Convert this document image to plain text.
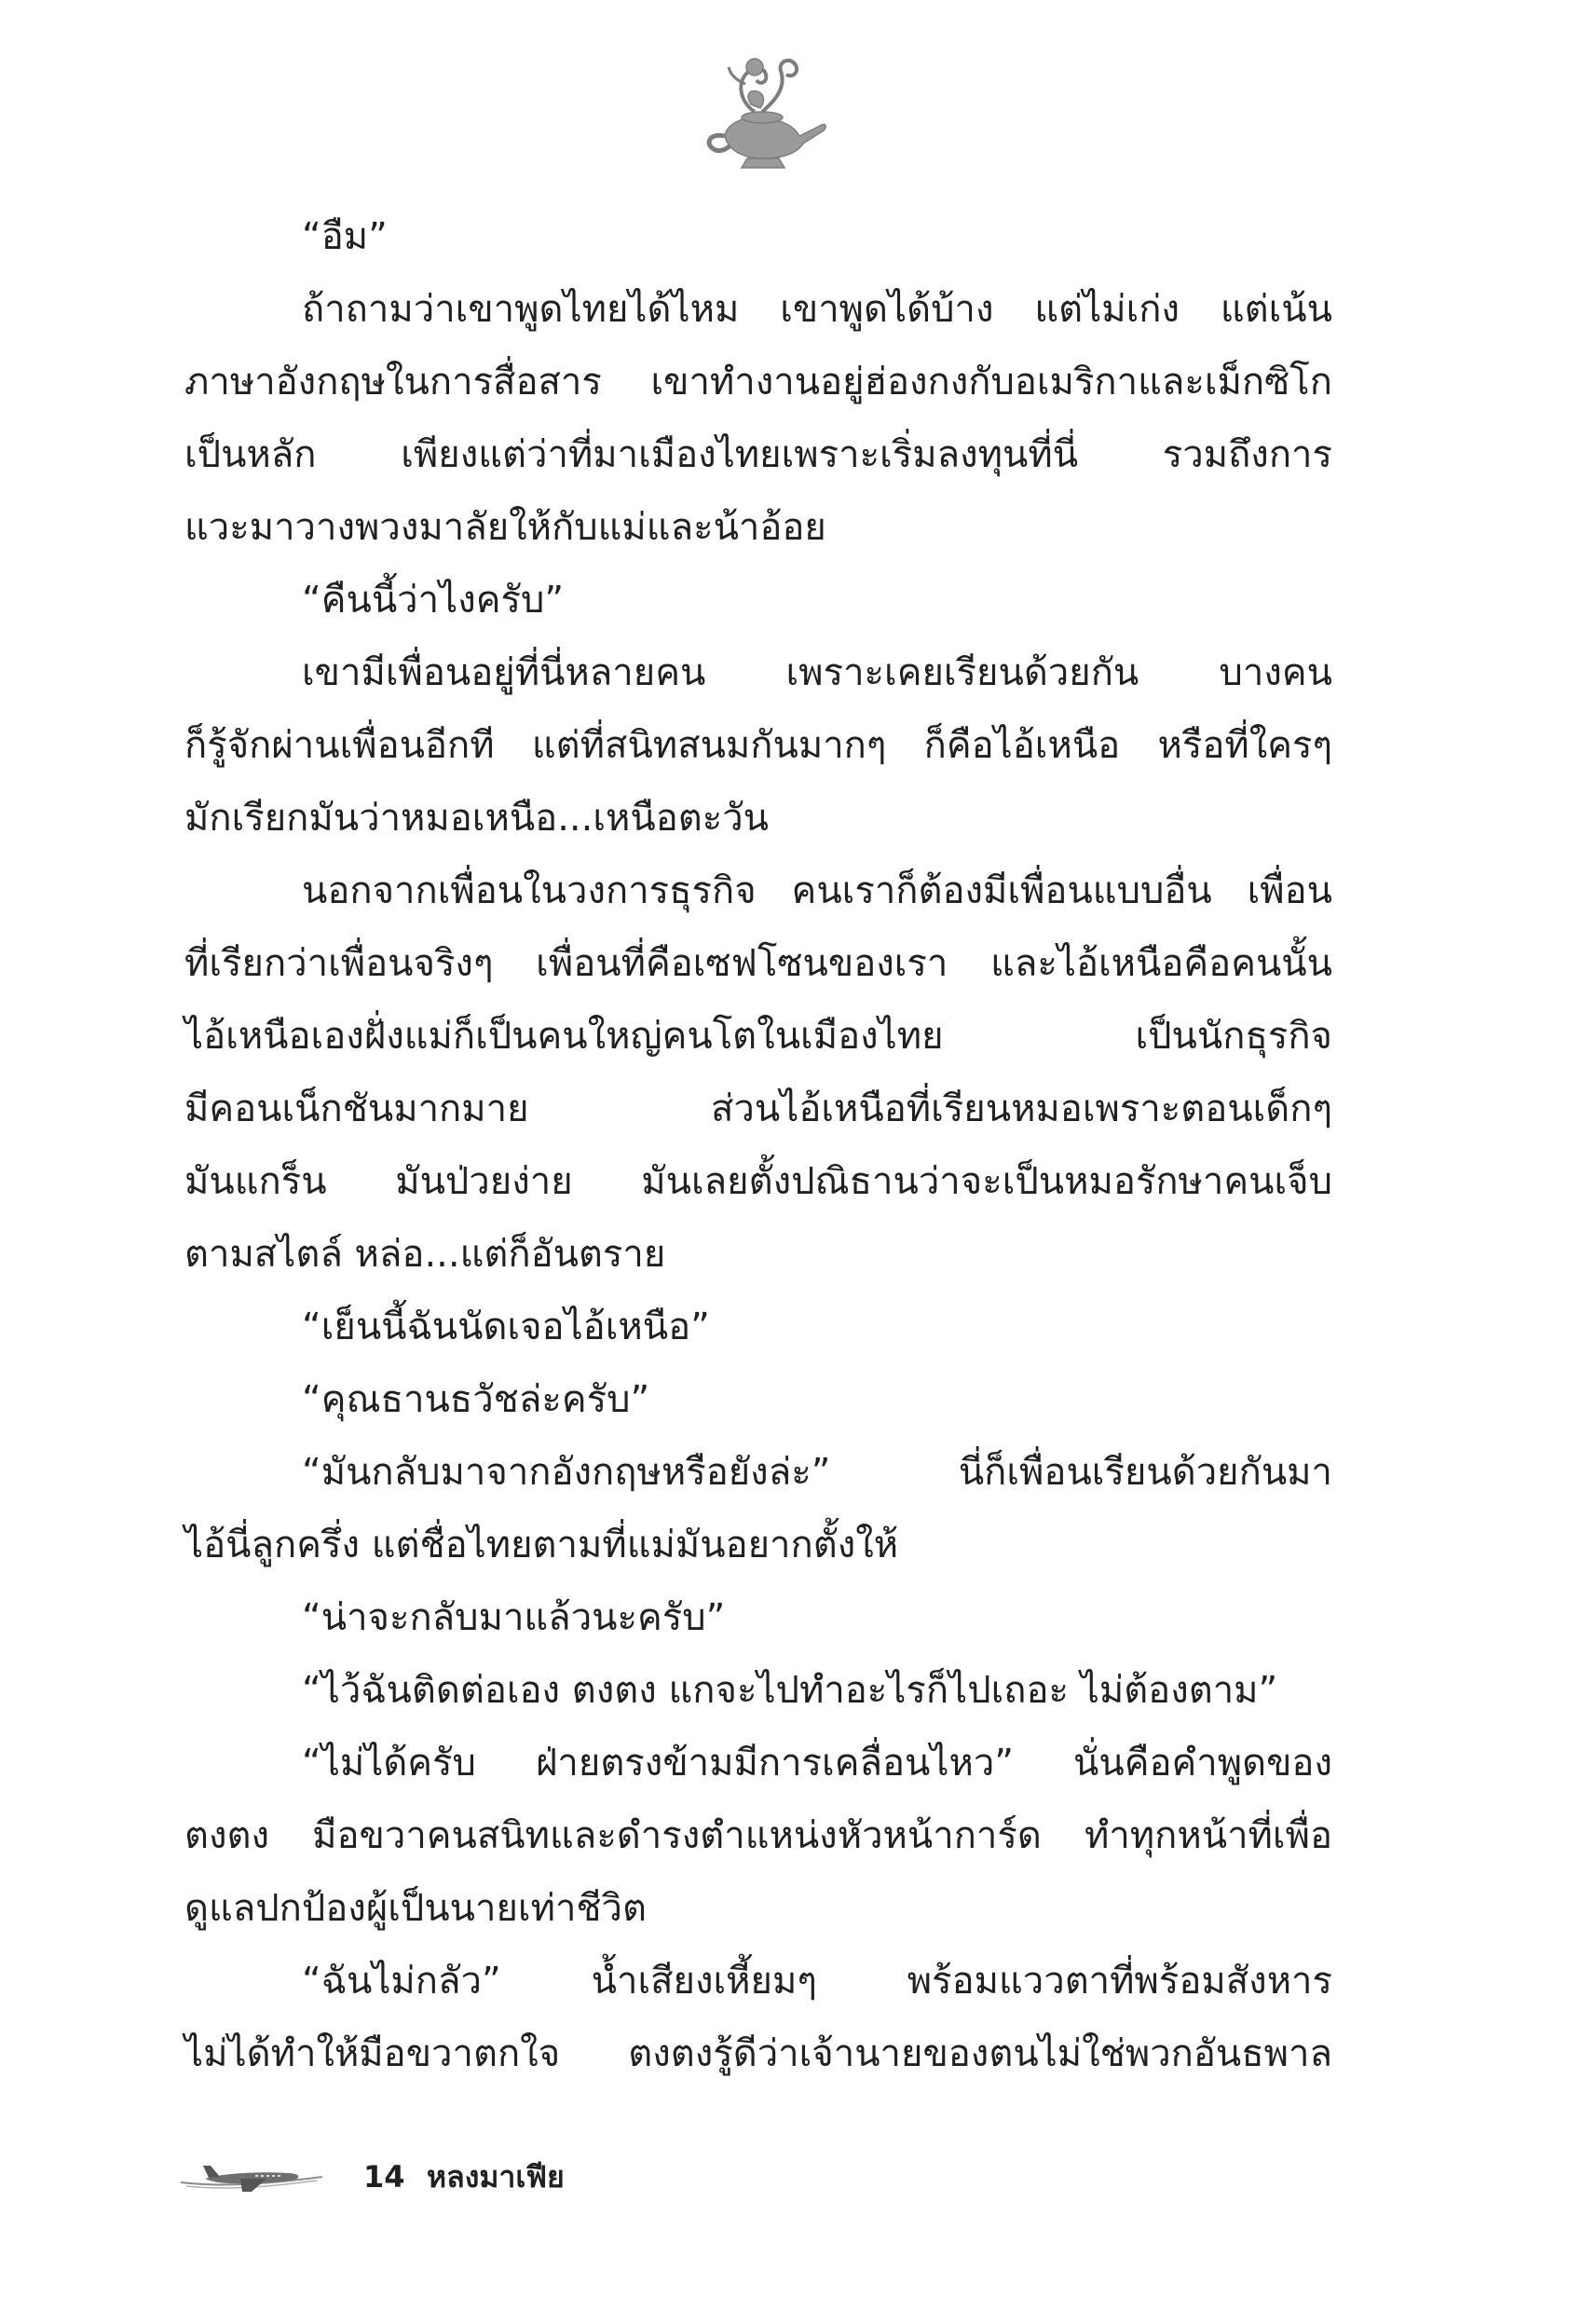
“อืม”
ถ้าถามว่าเขาพูดไทยได้ไหม เขาพูดได้บ้าง แต่ไม่เก่ง แต่เน้น
ภาษาอังกฤษในการสื่อสาร เขาทำงานอยู่ฮ่องกงกับอเมริกาและเม็กซิโก
เป็นหลัก เพียงแต่ว่าที่มาเมืองไทยเพราะเริ่มลงทุนที่นี่ รวมถึงการ
แวะมาวางพวงมาลัยให้กับแม่และน้าอ้อย
“คืนนี้ว่าไงครับ”
เขามีเพื่อนอยู่ที่นี่หลายคน เพราะเคยเรียนด้วยกัน บางคน
ก็รู้จักผ่านเพื่อนอีกที แต่ที่สนิทสนมกันมากๆ ก็คือไอ้เหนือ หรือที่ใครๆ
มักเรียกมันว่าหมอเหนือ...เหนือตะวัน
นอกจากเพื่อนในวงการธุรกิจ คนเราก็ต้องมีเพื่อนแบบอื่น เพื่อน
ที่เรียกว่าเพื่อนจริงๆ เพื่อนที่คือเซฟโซนของเรา และไอ้เหนือคือคนนั้น
ไอ้เหนือเองฝั่งแม่ก็เป็นคนใหญ่คนโตในเมืองไทย เป็นนักธุรกิจ
มีคอนเน็กชันมากมาย ส่วนไอ้เหนือที่เรียนหมอเพราะตอนเด็กๆ
มันแกร็น มันป่วยง่าย มันเลยตั้งปณิธานว่าจะเป็นหมอรักษาคนเจ็บ
ตามสไตล์ หล่อ...แต่ก็อันตราย
“เย็นนี้ฉันนัดเจอไอ้เหนือ”
“คุณธานธวัชล่ะครับ”
“มันกลับมาจากอังกฤษหรือยังล่ะ” นี่ก็เพื่อนเรียนด้วยกันมา
ไอ้นี่ลูกครึ่ง แต่ชื่อไทยตามที่แม่มันอยากตั้งให้
“น่าจะกลับมาแล้วนะครับ”
“ไว้ฉันติดต่อเอง ตงตง แกจะไปทำอะไรก็ไปเถอะ ไม่ต้องตาม”
“ไม่ได้ครับ ฝ่ายตรงข้ามมีการเคลื่อนไหว” นั่นคือคำพูดของ
ตงตง มือขวาคนสนิทและดำรงตำแหน่งหัวหน้าการ์ด ทำทุกหน้าที่เพื่อ
ดูแลปกป้องผู้เป็นนายเท่าชีวิต
“ฉันไม่กลัว” น้ำเสียงเหี้ยมๆ พร้อมแววตาที่พร้อมสังหาร
ไม่ได้ทำให้มือขวาตกใจ ตงตงรู้ดีว่าเจ้านายของตนไม่ใช่พวกอันธพาล
14 หลงมาเฟีย
